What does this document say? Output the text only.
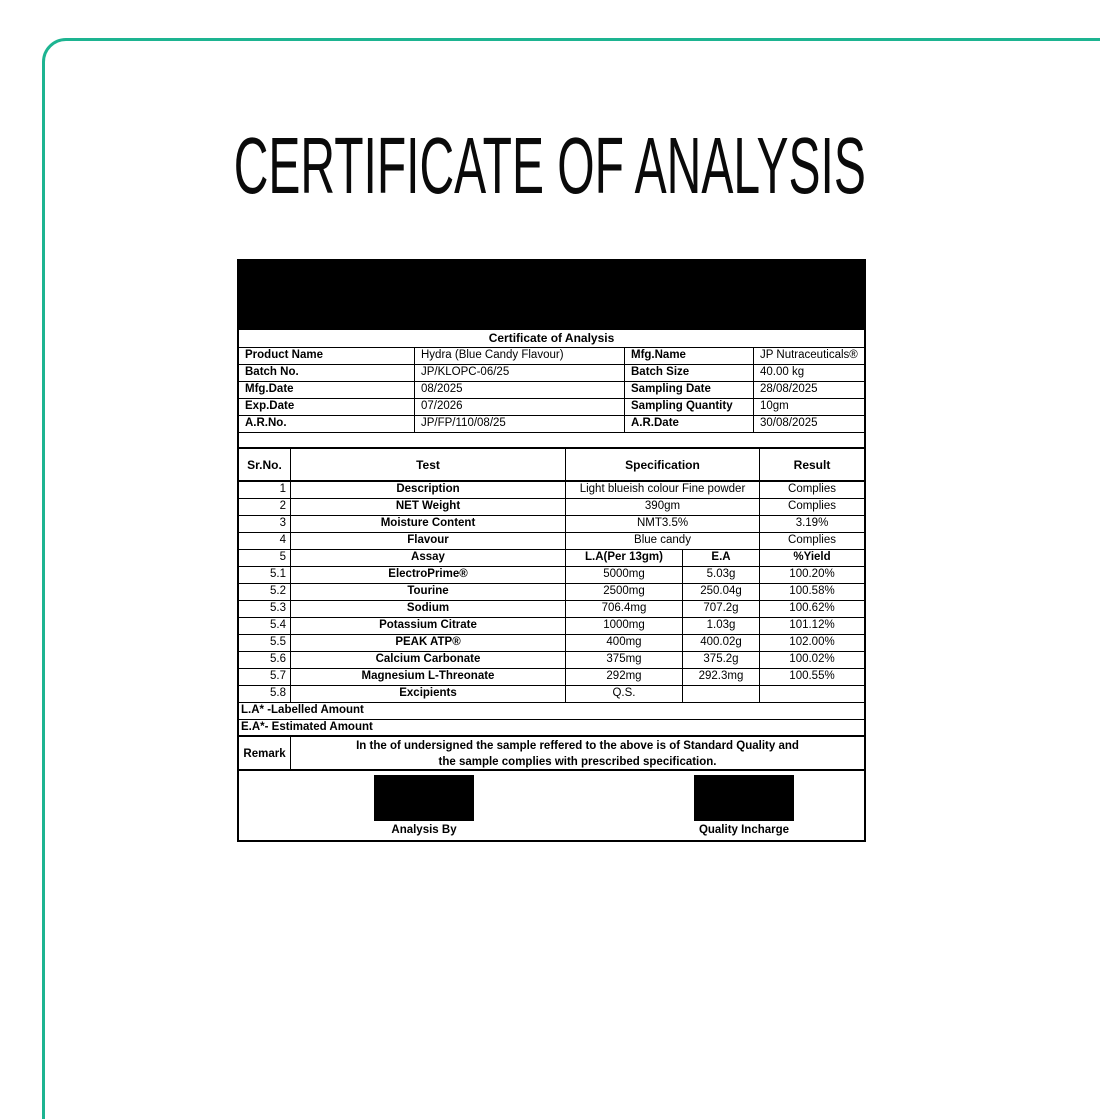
CERTIFICATE OF ANALYSIS
Certificate of Analysis
Product Name	Hydra (Blue Candy Flavour)	Mfg.Name	JP Nutraceuticals®
Batch No.	JP/KLOPC-06/25	Batch Size	40.00 kg
Mfg.Date	08/2025	Sampling Date	28/08/2025
Exp.Date	07/2026	Sampling Quantity	10gm
A.R.No.	JP/FP/110/08/25	A.R.Date	30/08/2025
Sr.No.	Test	Specification	Result
1	Description	Light blueish colour Fine powder	Complies
2	NET Weight	390gm	Complies
3	Moisture Content	NMT3.5%	3.19%
4	Flavour	Blue candy	Complies
5	Assay	L.A(Per 13gm)	E.A	%Yield
5.1	ElectroPrime®	5000mg	5.03g	100.20%
5.2	Tourine	2500mg	250.04g	100.58%
5.3	Sodium	706.4mg	707.2g	100.62%
5.4	Potassium Citrate	1000mg	1.03g	101.12%
5.5	PEAK ATP®	400mg	400.02g	102.00%
5.6	Calcium Carbonate	375mg	375.2g	100.02%
5.7	Magnesium L-Threonate	292mg	292.3mg	100.55%
5.8	Excipients	Q.S.
L.A* -Labelled Amount
E.A*- Estimated Amount
Remark
In the of undersigned the sample reffered to the above is of Standard Quality and
the sample complies with prescribed specification.
Analysis By	Quality Incharge
